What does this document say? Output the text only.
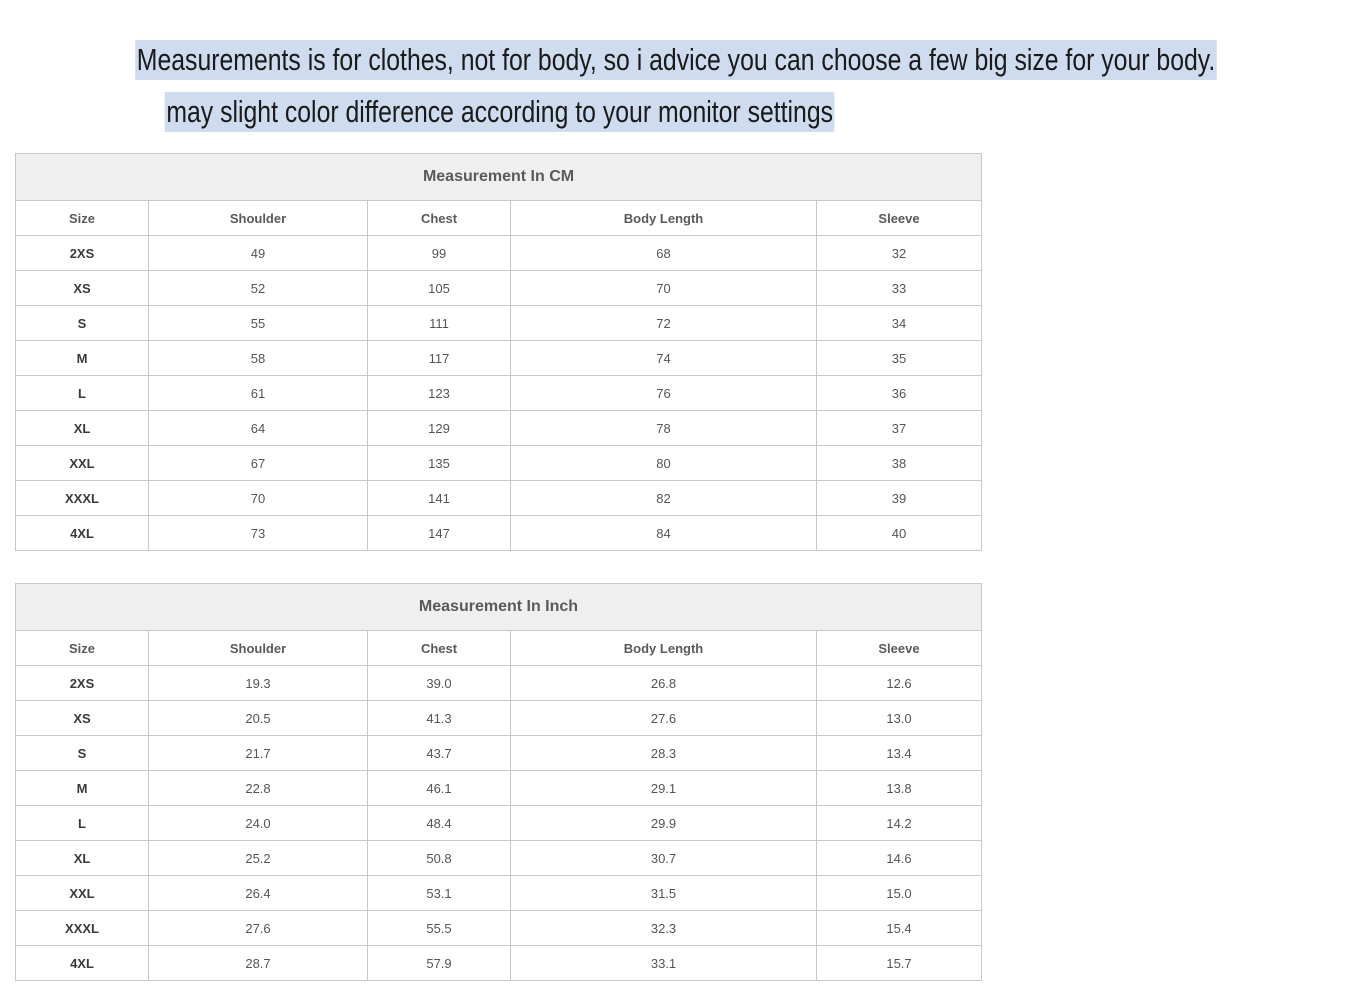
Measurements is for clothes, not for body, so i advice you can choose a few big size for your body.
may slight color difference according to your monitor settings
Measurement In CM				
Size	Shoulder	Chest	Body Length	Sleeve
2XS	49	99	68	32
XS	52	105	70	33
S	55	111	72	34
M	58	117	74	35
L	61	123	76	36
XL	64	129	78	37
XXL	67	135	80	38
XXXL	70	141	82	39
4XL	73	147	84	40
Measurement In Inch				
Size	Shoulder	Chest	Body Length	Sleeve
2XS	19.3	39.0	26.8	12.6
XS	20.5	41.3	27.6	13.0
S	21.7	43.7	28.3	13.4
M	22.8	46.1	29.1	13.8
L	24.0	48.4	29.9	14.2
XL	25.2	50.8	30.7	14.6
XXL	26.4	53.1	31.5	15.0
XXXL	27.6	55.5	32.3	15.4
4XL	28.7	57.9	33.1	15.7
